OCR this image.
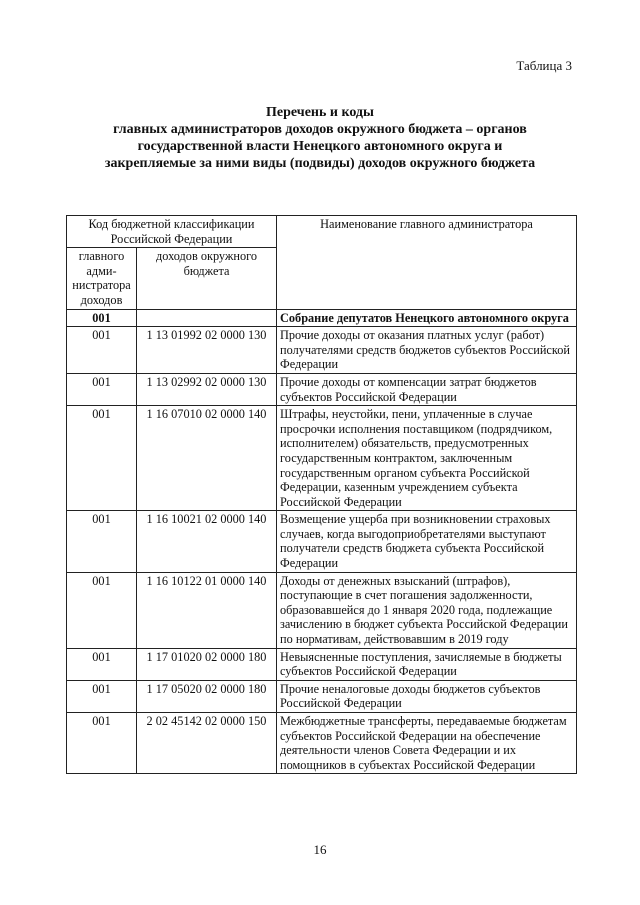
Таблица 3
Перечень и коды
главных администраторов доходов окружного бюджета – органов
государственной власти Ненецкого автономного округа и
закрепляемые за ними виды (подвиды) доходов окружного бюджета
Код бюджетной классификации Российской Федерации		Наименование главного администратора
главного адми-нистратора доходов	доходов окружного бюджета	
001		Собрание депутатов Ненецкого автономного округа
001	1 13 01992 02 0000 130	Прочие доходы от оказания платных услуг (работ) получателями средств бюджетов субъектов Российской Федерации
001	1 13 02992 02 0000 130	Прочие доходы от компенсации затрат бюджетов субъектов Российской Федерации
001	1 16 07010 02 0000 140	Штрафы, неустойки, пени, уплаченные в случае просрочки исполнения поставщиком (подрядчиком, исполнителем) обязательств, предусмотренных государственным контрактом, заключенным государственным органом субъекта Российской Федерации, казенным учреждением субъекта Российской Федерации
001	1 16 10021 02 0000 140	Возмещение ущерба при возникновении страховых случаев, когда выгодоприобретателями выступают получатели средств бюджета субъекта Российской Федерации
001	1 16 10122 01 0000 140	Доходы от денежных взысканий (штрафов), поступающие в счет погашения задолженности, образовавшейся до 1 января 2020 года, подлежащие зачислению в бюджет субъекта Российской Федерации по нормативам, действовавшим в 2019 году
001	1 17 01020 02 0000 180	Невыясненные поступления, зачисляемые в бюджеты субъектов Российской Федерации
001	1 17 05020 02 0000 180	Прочие неналоговые доходы бюджетов субъектов Российской Федерации
001	2 02 45142 02 0000 150	Межбюджетные трансферты, передаваемые бюджетам субъектов Российской Федерации на обеспечение деятельности членов Совета Федерации и их помощников в субъектах Российской Федерации
16
